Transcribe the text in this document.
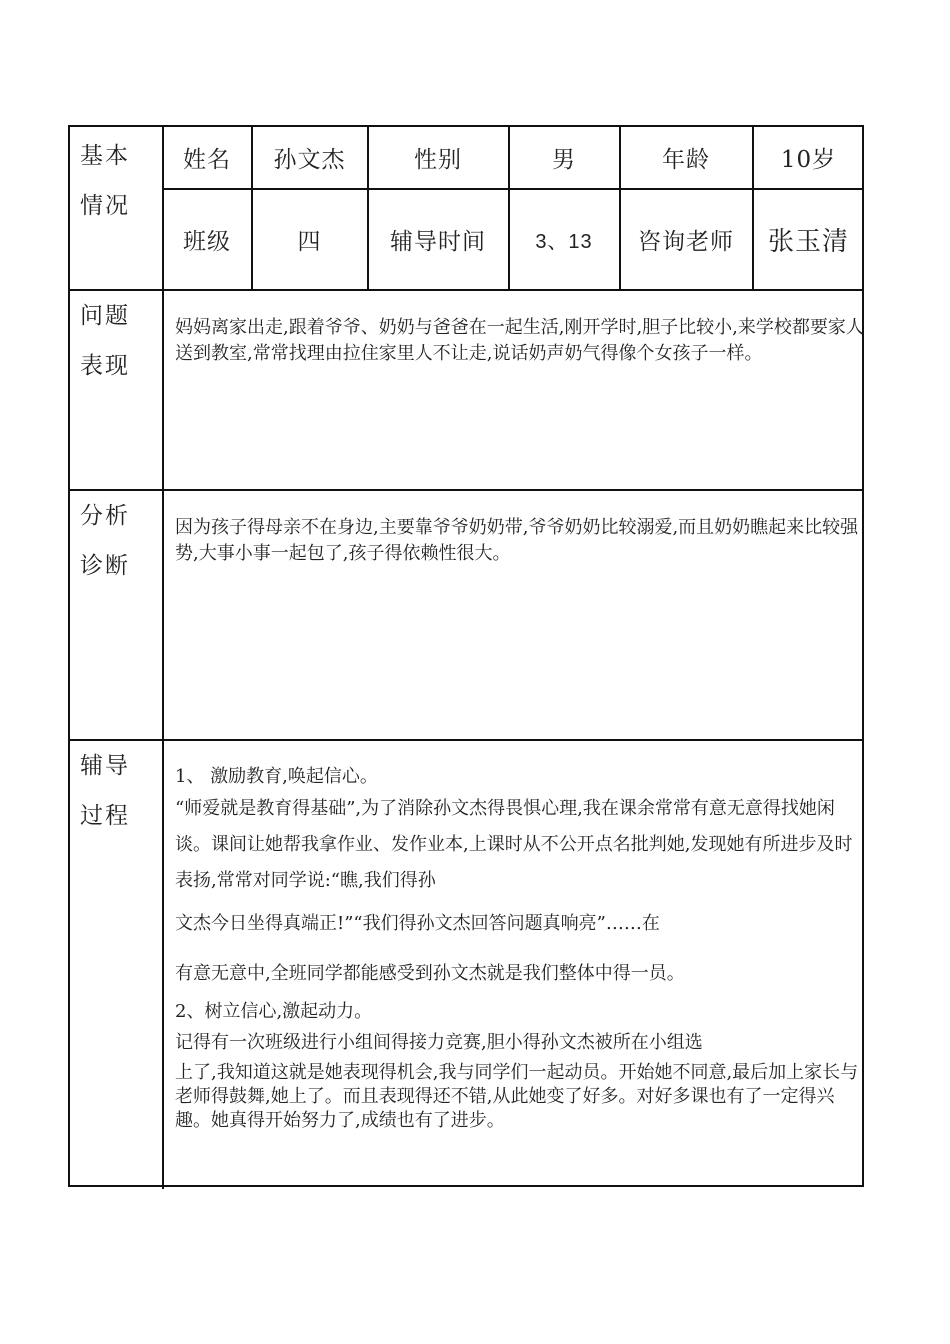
基本
情况
姓名	孙文杰	性别	男	年龄	10岁
班级	四	辅导时间	3、13	咨询老师	张玉清
问题
表现
妈妈离家出走,跟着爷爷、奶奶与爸爸在一起生活,刚开学时,胆子比较小,来学校都要家人送到教室,常常找理由拉住家里人不让走,说话奶声奶气得像个女孩子一样。
分析
诊断
因为孩子得母亲不在身边,主要靠爷爷奶奶带,爷爷奶奶比较溺爱,而且奶奶瞧起来比较强势,大事小事一起包了,孩子得依赖性很大。
辅导
过程

1、 激励教育,唤起信心。

“师爱就是教育得基础”,为了消除孙文杰得畏惧心理,我在课余常常有意无意得找她闲谈。课间让她帮我拿作业、发作业本,上课时从不公开点名批判她,发现她有所进步及时表扬,常常对同学说:“瞧,我们得孙

文杰今日坐得真端正!”“我们得孙文杰回答问题真响亮”……在

有意无意中,全班同学都能感受到孙文杰就是我们整体中得一员。

2、树立信心,激起动力。

记得有一次班级进行小组间得接力竞赛,胆小得孙文杰被所在小组选

上了,我知道这就是她表现得机会,我与同学们一起动员。开始她不同意,最后加上家长与老师得鼓舞,她上了。而且表现得还不错,从此她变了好多。对好多课也有了一定得兴趣。她真得开始努力了,成绩也有了进步。
